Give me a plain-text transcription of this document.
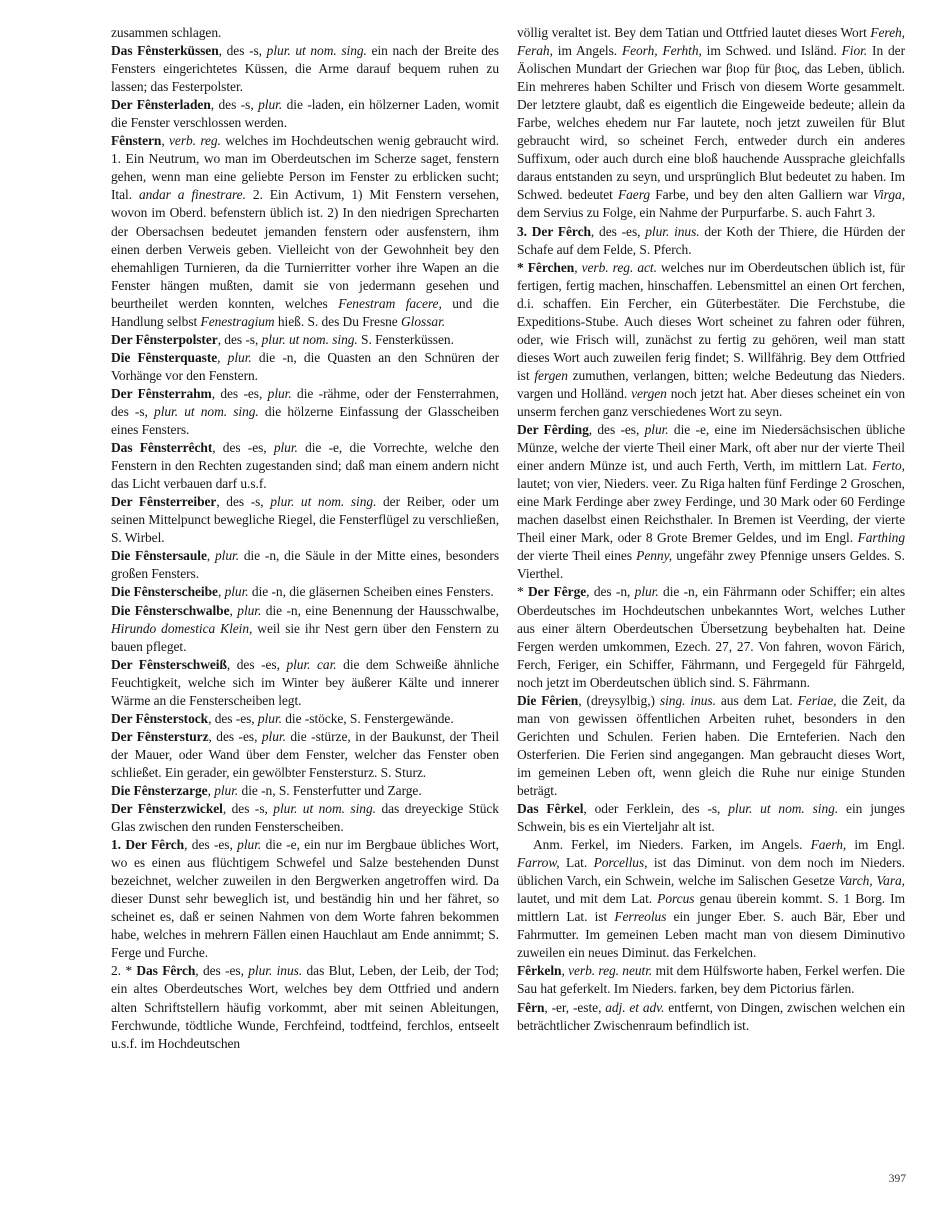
zusammen schlagen.

Das Fênsterküssen, des -s, plur. ut nom. sing. ein nach der Breite des Fensters eingerichtetes Küssen, die Arme darauf bequem ruhen zu lassen; das Festerpolster.

Der Fênsterladen, des -s, plur. die -laden, ein hölzerner Laden, womit die Fenster verschlossen werden.

Fênstern, verb. reg. welches im Hochdeutschen wenig gebraucht wird. 1. Ein Neutrum, wo man im Oberdeutschen im Scherze saget, fenstern gehen, wenn man eine geliebte Person im Fenster zu erblicken sucht; Ital. andar a finestrare. 2. Ein Activum, 1) Mit Fenstern versehen, wovon im Oberd. befenstern üblich ist. 2) In den niedrigen Sprecharten der Obersachsen bedeutet jemanden fenstern oder ausfenstern, ihm einen derben Verweis geben. Vielleicht von der Gewohnheit bey den ehemahligen Turnieren, da die Turnierritter vorher ihre Wapen an die Fenster hängen mußten, damit sie von jedermann gesehen und beurtheilet werden konnten, welches Fenestram facere, und die Handlung selbst Fenestragium hieß. S. des Du Fresne Glossar.

Der Fênsterpolster, des -s, plur. ut nom. sing. S. Fensterküssen.

Die Fênsterquaste, plur. die -n, die Quasten an den Schnüren der Vorhänge vor den Fenstern.

Der Fênsterrahm, des -es, plur. die -rähme, oder der Fensterrahmen, des -s, plur. ut nom. sing. die hölzerne Einfassung der Glasscheiben eines Fensters.

Das Fênsterrêcht, des -es, plur. die -e, die Vorrechte, welche den Fenstern in den Rechten zugestanden sind; daß man einem andern nicht das Licht verbauen darf u.s.f.

Der Fênsterreiber, des -s, plur. ut nom. sing. der Reiber, oder um seinen Mittelpunct bewegliche Riegel, die Fensterflügel zu verschließen, S. Wirbel.

Die Fênstersaule, plur. die -n, die Säule in der Mitte eines, besonders großen Fensters.

Die Fênsterscheibe, plur. die -n, die gläsernen Scheiben eines Fensters.

Die Fênsterschwalbe, plur. die -n, eine Benennung der Hausschwalbe, Hirundo domestica Klein, weil sie ihr Nest gern über den Fenstern zu bauen pfleget.

Der Fênsterschweiß, des -es, plur. car. die dem Schweiße ähnliche Feuchtigkeit, welche sich im Winter bey äußerer Kälte und innerer Wärme an die Fensterscheiben legt.

Der Fênsterstock, des -es, plur. die -stöcke, S. Fenstergewände.

Der Fênstersturz, des -es, plur. die -stürze, in der Baukunst, der Theil der Mauer, oder Wand über dem Fenster, welcher das Fenster oben schließet. Ein gerader, ein gewölbter Fenstersturz. S. Sturz.

Die Fênsterzarge, plur. die -n, S. Fensterfutter und Zarge.

Der Fênsterzwickel, des -s, plur. ut nom. sing. das dreyeckige Stück Glas zwischen den runden Fensterscheiben.

1. Der Fêrch, des -es, plur. die -e, ein nur im Bergbaue übliches Wort, wo es einen aus flüchtigem Schwefel und Salze bestehenden Dunst bezeichnet, welcher zuweilen in den Bergwerken angetroffen wird. Da dieser Dunst sehr beweglich ist, und beständig hin und her fähret, so scheinet es, daß er seinen Nahmen von dem Worte fahren bekommen habe, welches in mehrern Fällen einen Hauchlaut am Ende annimmt; S. Ferge und Furche.

2. * Das Fêrch, des -es, plur. inus. das Blut, Leben, der Leib, der Tod; ein altes Oberdeutsches Wort, welches bey dem Ottfried und andern alten Schriftstellern häufig vorkommt, aber mit seinen Ableitungen, Ferchwunde, tödtliche Wunde, Ferchfeind, todtfeind, ferchlos, entseelt u.s.f. im Hochdeutschen

völlig veraltet ist. Bey dem Tatian und Ottfried lautet dieses Wort Fereh, Ferah, im Angels. Feorh, Ferhth, im Schwed. und Isländ. Fior. In der Äolischen Mundart der Griechen war βιορ für βιος, das Leben, üblich. Ein mehreres haben Schilter und Frisch von diesem Worte gesammelt. Der letztere glaubt, daß es eigentlich die Eingeweide bedeute; allein da Farbe, welches ehedem nur Far lautete, noch jetzt zuweilen für Blut gebraucht wird, so scheinet Ferch, entweder durch ein anderes Suffixum, oder auch durch eine bloß hauchende Aussprache gleichfalls daraus entstanden zu seyn, und ursprünglich Blut bedeutet zu haben. Im Schwed. bedeutet Faerg Farbe, und bey den alten Galliern war Virga, dem Servius zu Folge, ein Nahme der Purpurfarbe. S. auch Fahrt 3.

3. Der Fêrch, des -es, plur. inus. der Koth der Thiere, die Hürden der Schafe auf dem Felde, S. Pferch.

* Fêrchen, verb. reg. act. welches nur im Oberdeutschen üblich ist, für fertigen, fertig machen, hinschaffen. Lebensmittel an einen Ort ferchen, d.i. schaffen. Ein Fercher, ein Güterbestäter. Die Ferchstube, die Expeditions-Stube. Auch dieses Wort scheinet zu fahren oder führen, oder, wie Frisch will, zunächst zu fertig zu gehören, weil man statt dieses Wort auch zuweilen ferig findet; S. Willfährig. Bey dem Ottfried ist fergen zumuthen, verlangen, bitten; welche Bedeutung das Nieders. vargen und Holländ. vergen noch jetzt hat. Aber dieses scheinet ein von unserm ferchen ganz verschiedenes Wort zu seyn.

Der Fêrding, des -es, plur. die -e, eine im Niedersächsischen übliche Münze, welche der vierte Theil einer Mark, oft aber nur der vierte Theil einer andern Münze ist, und auch Ferth, Verth, im mittlern Lat. Ferto, lautet; von vier, Nieders. veer. Zu Riga halten fünf Ferdinge 2 Groschen, eine Mark Ferdinge aber zwey Ferdinge, und 30 Mark oder 60 Ferdinge machen daselbst einen Reichsthaler. In Bremen ist Veerding, der vierte Theil einer Mark, oder 8 Grote Bremer Geldes, und im Engl. Farthing der vierte Theil eines Penny, ungefähr zwey Pfennige unsers Geldes. S. Vierthel.

* Der Fêrge, des -n, plur. die -n, ein Fährmann oder Schiffer; ein altes Oberdeutsches im Hochdeutschen unbekanntes Wort, welches Luther aus einer ältern Oberdeutschen Übersetzung beybehalten hat. Deine Fergen werden umkommen, Ezech. 27, 27. Von fahren, wovon Färich, Ferch, Feriger, ein Schiffer, Fährmann, und Fergegeld für Fährgeld, noch jetzt im Oberdeutschen üblich sind. S. Fährmann.

Die Fêrien, (dreysylbig,) sing. inus. aus dem Lat. Feriae, die Zeit, da man von gewissen öffentlichen Arbeiten ruhet, besonders in den Gerichten und Schulen. Ferien haben. Die Ernteferien. Nach den Osterferien. Die Ferien sind angegangen. Man gebraucht dieses Wort, im gemeinen Leben oft, wenn gleich die Ruhe nur einige Stunden beträgt.

Das Fêrkel, oder Ferklein, des -s, plur. ut nom. sing. ein junges Schwein, bis es ein Vierteljahr alt ist.

Anm. Ferkel, im Nieders. Farken, im Angels. Faerh, im Engl. Farrow, Lat. Porcellus, ist das Diminut. von dem noch im Nieders. üblichen Varch, ein Schwein, welche im Salischen Gesetze Varch, Vara, lautet, und mit dem Lat. Porcus genau überein kommt. S. 1 Borg. Im mittlern Lat. ist Ferreolus ein junger Eber. S. auch Bär, Eber und Fahrmutter. Im gemeinen Leben macht man von diesem Diminutivo zuweilen ein neues Diminut. das Ferkelchen.

Fêrkeln, verb. reg. neutr. mit dem Hülfsworte haben, Ferkel werfen. Die Sau hat geferkelt. Im Nieders. farken, bey dem Pictorius färlen.

Fêrn, -er, -este, adj. et adv. entfernt, von Dingen, zwischen welchen ein beträchtlicher Zwischenraum befindlich ist.

397
